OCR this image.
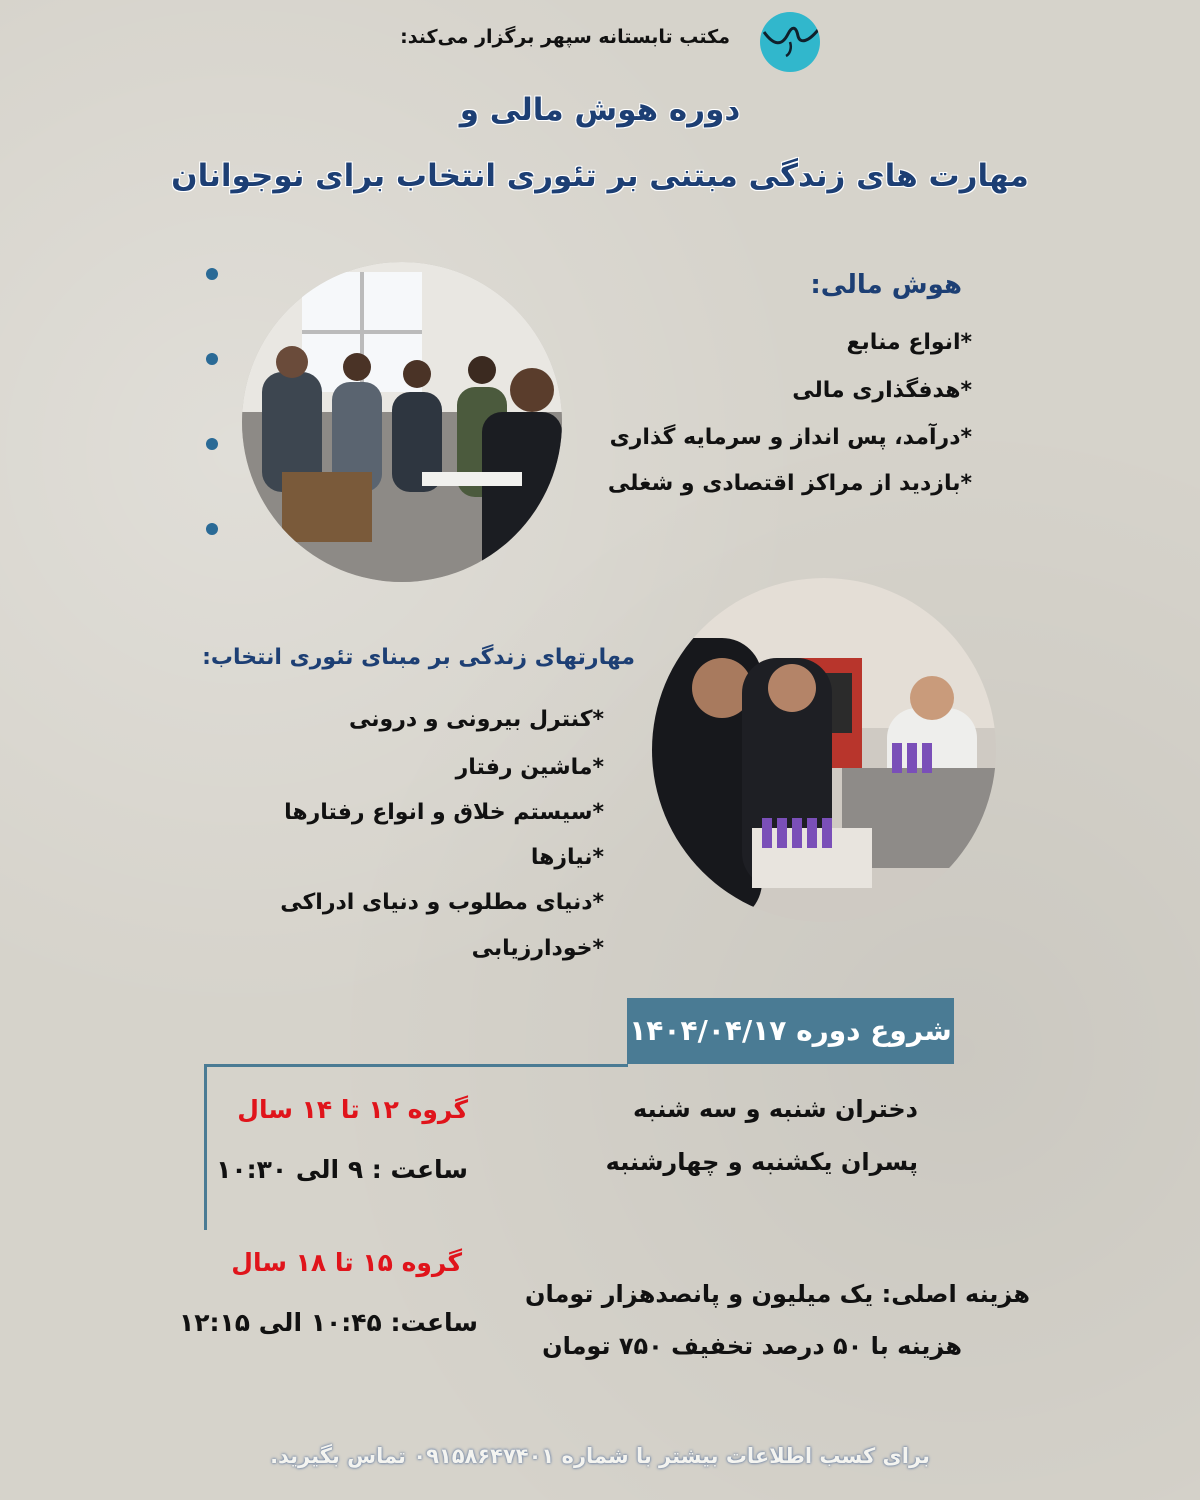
مکتب تابستانه سپهر برگزار می‌کند:
دوره هوش مالی و
مهارت های زندگی مبتنی بر تئوری انتخاب برای نوجوانان
هوش مالی:
*انواع منابع
*هدفگذاری مالی
*درآمد، پس انداز و سرمایه گذاری
*بازدید از مراکز اقتصادی و شغلی
مهارتهای زندگی بر مبنای تئوری انتخاب:
*کنترل بیرونی و درونی
*ماشین رفتار
*سیستم خلاق و انواع رفتارها
*نیازها
*دنیای مطلوب و دنیای ادراکی
*خودارزیابی
شروع دوره ۱۴۰۴/۰۴/۱۷
دختران شنبه و سه شنبه
پسران یکشنبه و چهارشنبه
گروه ۱۲ تا ۱۴ سال
ساعت : ۹ الی ۱۰:۳۰
گروه ۱۵ تا ۱۸ سال
ساعت: ۱۰:۴۵ الی ۱۲:۱۵
هزینه اصلی: یک میلیون و پانصدهزار تومان
هزینه با ۵۰ درصد تخفیف ۷۵۰ تومان
برای کسب اطلاعات بیشتر با شماره ۰۹۱۵۸۶۴۷۴۰۱ تماس بگیرید.
